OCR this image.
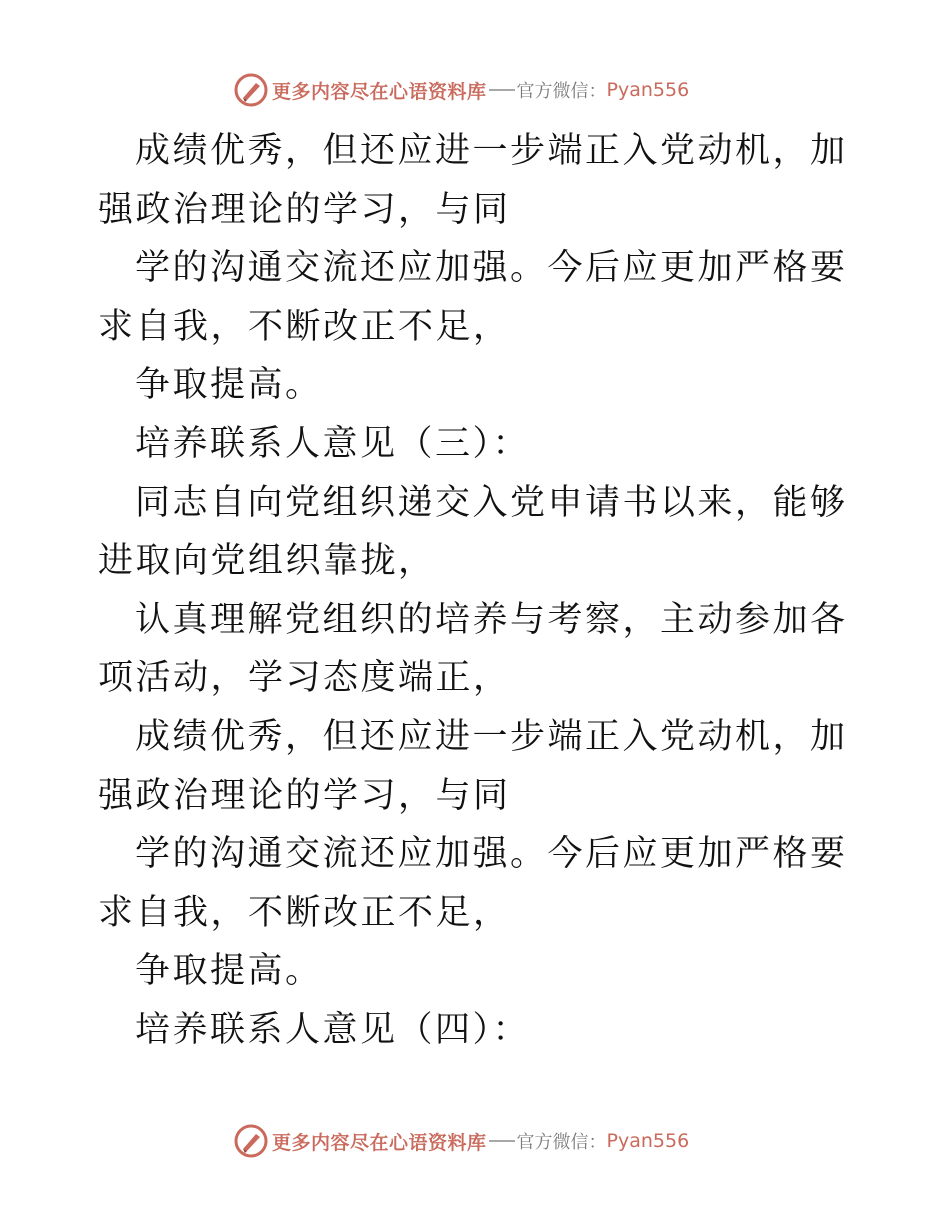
更多内容尽在心语资料库 官方微信： Pyan556

成绩优秀，但还应进一步端正入党动机，加强政治理论的学习，与同

学的沟通交流还应加强。今后应更加严格要求自我，不断改正不足，

争取提高。

培养联系人意见（三）：

同志自向党组织递交入党申请书以来，能够进取向党组织靠拢，

认真理解党组织的培养与考察，主动参加各项活动，学习态度端正，

成绩优秀，但还应进一步端正入党动机，加强政治理论的学习，与同

学的沟通交流还应加强。今后应更加严格要求自我，不断改正不足，

争取提高。

培养联系人意见（四）：

更多内容尽在心语资料库 官方微信： Pyan556
